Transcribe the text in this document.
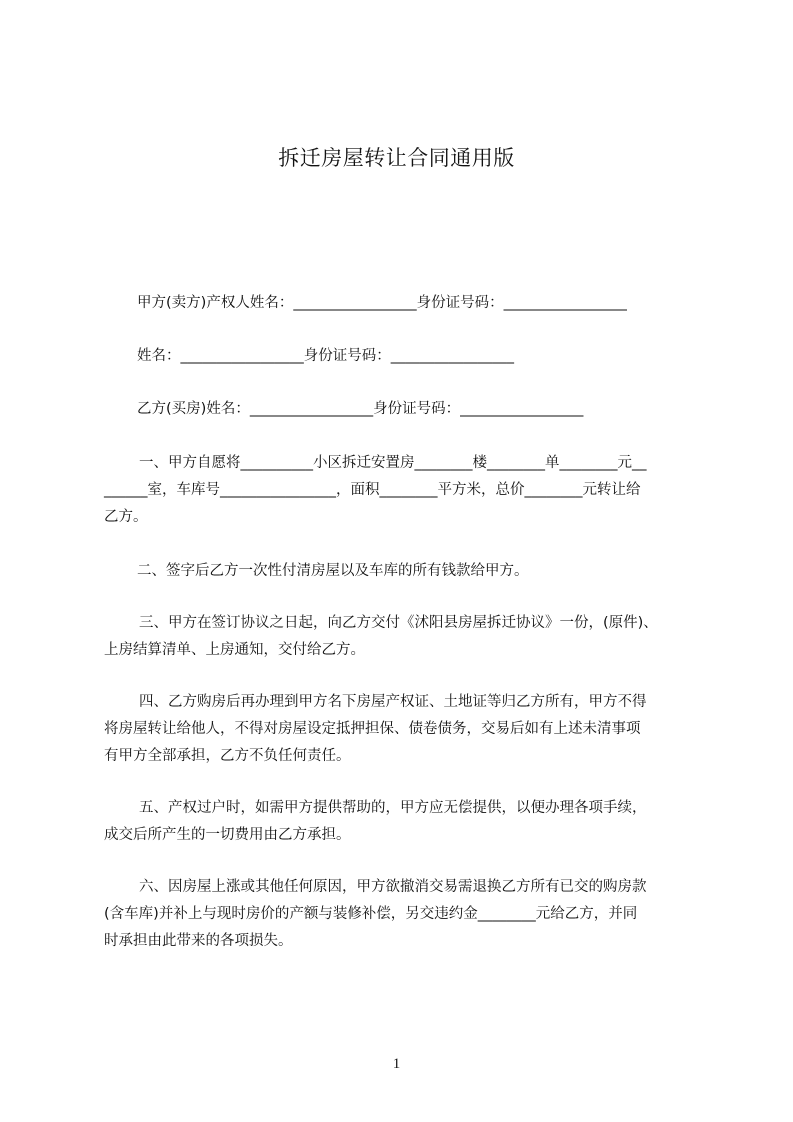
拆迁房屋转让合同通用版
甲方(卖方)产权人姓名：_________________身份证号码：_________________
姓名：_________________身份证号码：_________________
乙方(买房)姓名：_________________身份证号码：_________________
一、甲方自愿将__________小区拆迁安置房________楼________单________元__
______室，车库号________________，面积________平方米，总价________元转让给
乙方。
二、签字后乙方一次性付清房屋以及车库的所有钱款给甲方。
三、甲方在签订协议之日起，向乙方交付《沭阳县房屋拆迁协议》一份，(原件)、
上房结算清单、上房通知，交付给乙方。
四、乙方购房后再办理到甲方名下房屋产权证、土地证等归乙方所有，甲方不得
将房屋转让给他人，不得对房屋设定抵押担保、债卷债务，交易后如有上述未清事项
有甲方全部承担，乙方不负任何责任。
五、产权过户时，如需甲方提供帮助的，甲方应无偿提供，以便办理各项手续，
成交后所产生的一切费用由乙方承担。
六、因房屋上涨或其他任何原因，甲方欲撤消交易需退换乙方所有已交的购房款
(含车库)并补上与现时房价的产额与装修补偿，另交违约金________元给乙方，并同
时承担由此带来的各项损失。
1
